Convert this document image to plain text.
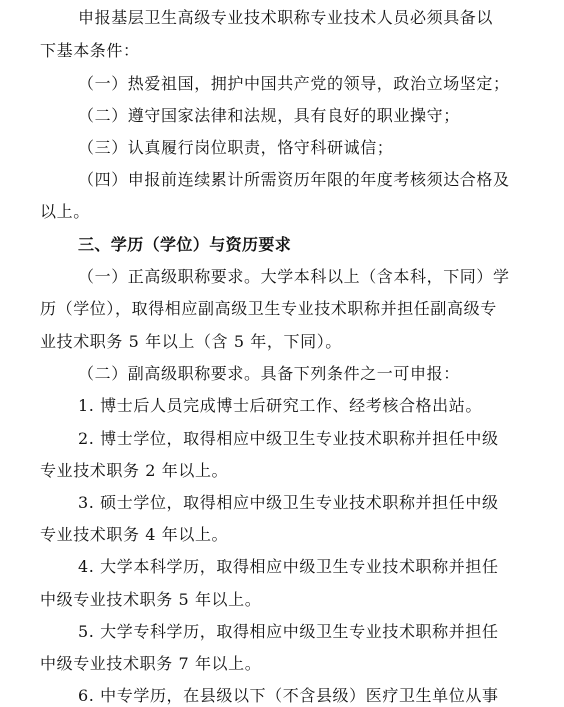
申报基层卫生高级专业技术职称专业技术人员必须具备以
下基本条件：
（一）热爱祖国，拥护中国共产党的领导，政治立场坚定；
（二）遵守国家法律和法规，具有良好的职业操守；
（三）认真履行岗位职责，恪守科研诚信；
（四）申报前连续累计所需资历年限的年度考核须达合格及
以上。
三、学历（学位）与资历要求
（一）正高级职称要求。大学本科以上（含本科，下同）学
历（学位），取得相应副高级卫生专业技术职称并担任副高级专
业技术职务 5 年以上（含 5 年，下同）。
（二）副高级职称要求。具备下列条件之一可申报：
1. 博士后人员完成博士后研究工作、经考核合格出站。
2. 博士学位，取得相应中级卫生专业技术职称并担任中级
专业技术职务 2 年以上。
3. 硕士学位，取得相应中级卫生专业技术职称并担任中级
专业技术职务 4 年以上。
4. 大学本科学历，取得相应中级卫生专业技术职称并担任
中级专业技术职务 5 年以上。
5. 大学专科学历，取得相应中级卫生专业技术职称并担任
中级专业技术职务 7 年以上。
6. 中专学历，在县级以下（不含县级）医疗卫生单位从事
